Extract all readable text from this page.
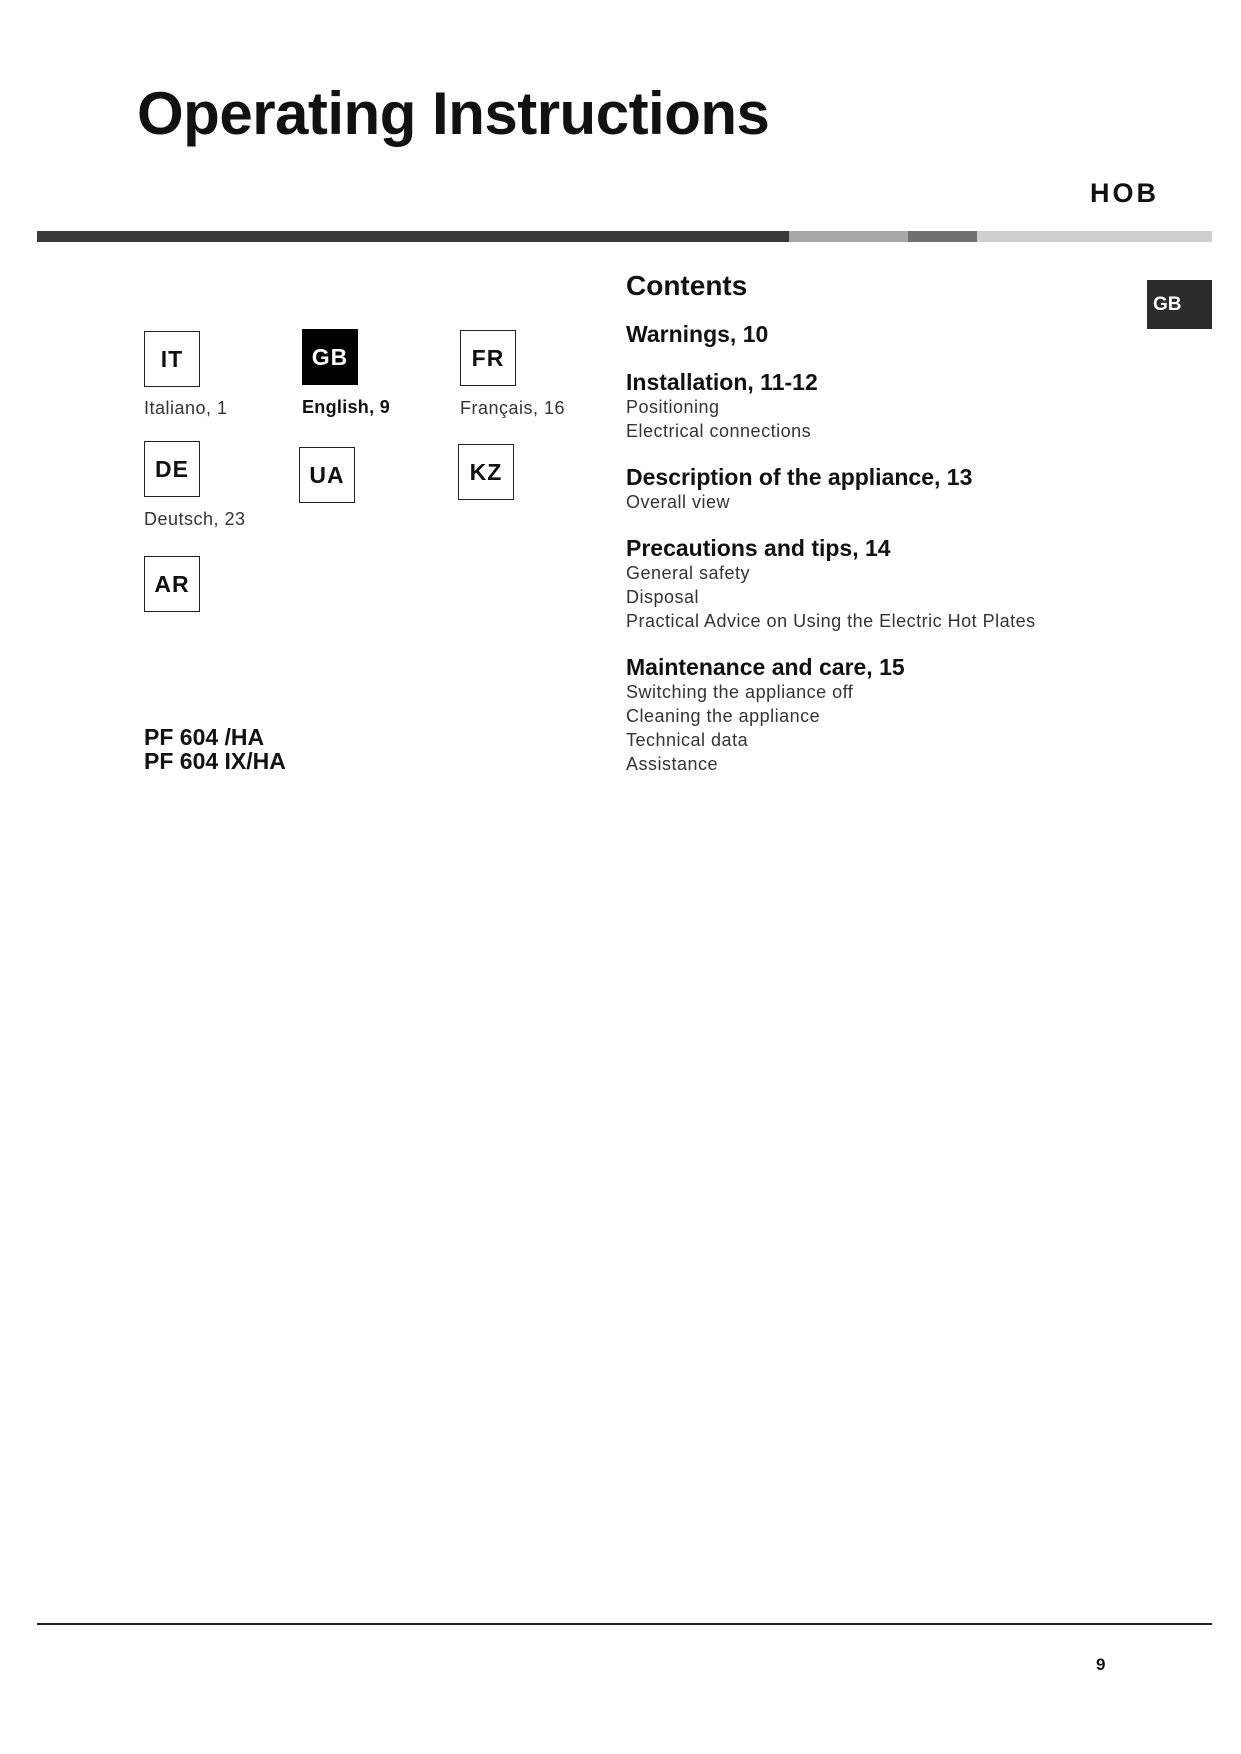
Operating Instructions
HOB
GB
IT
Italiano, 1
GB
English, 9
FR
Français, 16
DE
Deutsch, 23
UA	KZ
AR
PF 604 /HA
PF 604 IX/HA
Contents
Warnings, 10
Installation, 11-12
Positioning
Electrical connections
Description of the appliance, 13
Overall view
Precautions and tips, 14
General safety
Disposal
Practical Advice on Using the Electric Hot Plates
Maintenance and care, 15
Switching the appliance off
Cleaning the appliance
Technical data
Assistance
9
